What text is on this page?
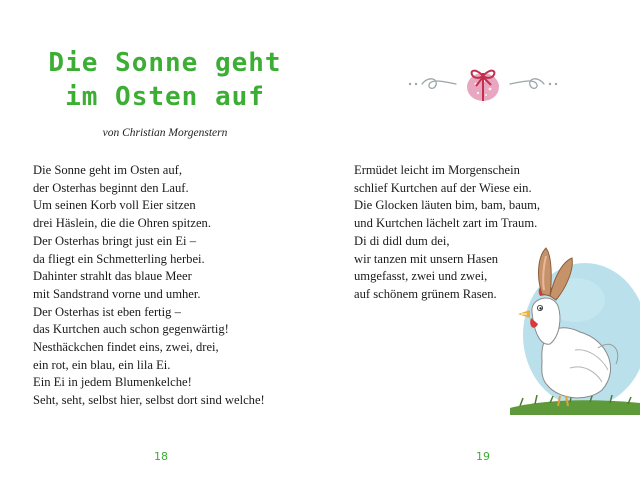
Die Sonne geht
im Osten auf
von Christian Morgenstern
Die Sonne geht im Osten auf,
der Osterhas beginnt den Lauf.
Um seinen Korb voll Eier sitzen
drei Häslein, die die Ohren spitzen.
Der Osterhas bringt just ein Ei –
da fliegt ein Schmetterling herbei.
Dahinter strahlt das blaue Meer
mit Sandstrand vorne und umher.
Der Osterhas ist eben fertig –
das Kurtchen auch schon gegenwärtig!
Nesthäckchen findet eins, zwei, drei,
ein rot, ein blau, ein lila Ei.
Ein Ei in jedem Blumenkelche!
Seht, seht, selbst hier, selbst dort sind welche!
18
Ermüdet leicht im Morgenschein
schlief Kurtchen auf der Wiese ein.
Die Glocken läuten bim, bam, baum,
und Kurtchen lächelt zart im Traum.
Di di didl dum dei,
wir tanzen mit unsern Hasen
umgefasst, zwei und zwei,
auf schönem grünem Rasen.
19
